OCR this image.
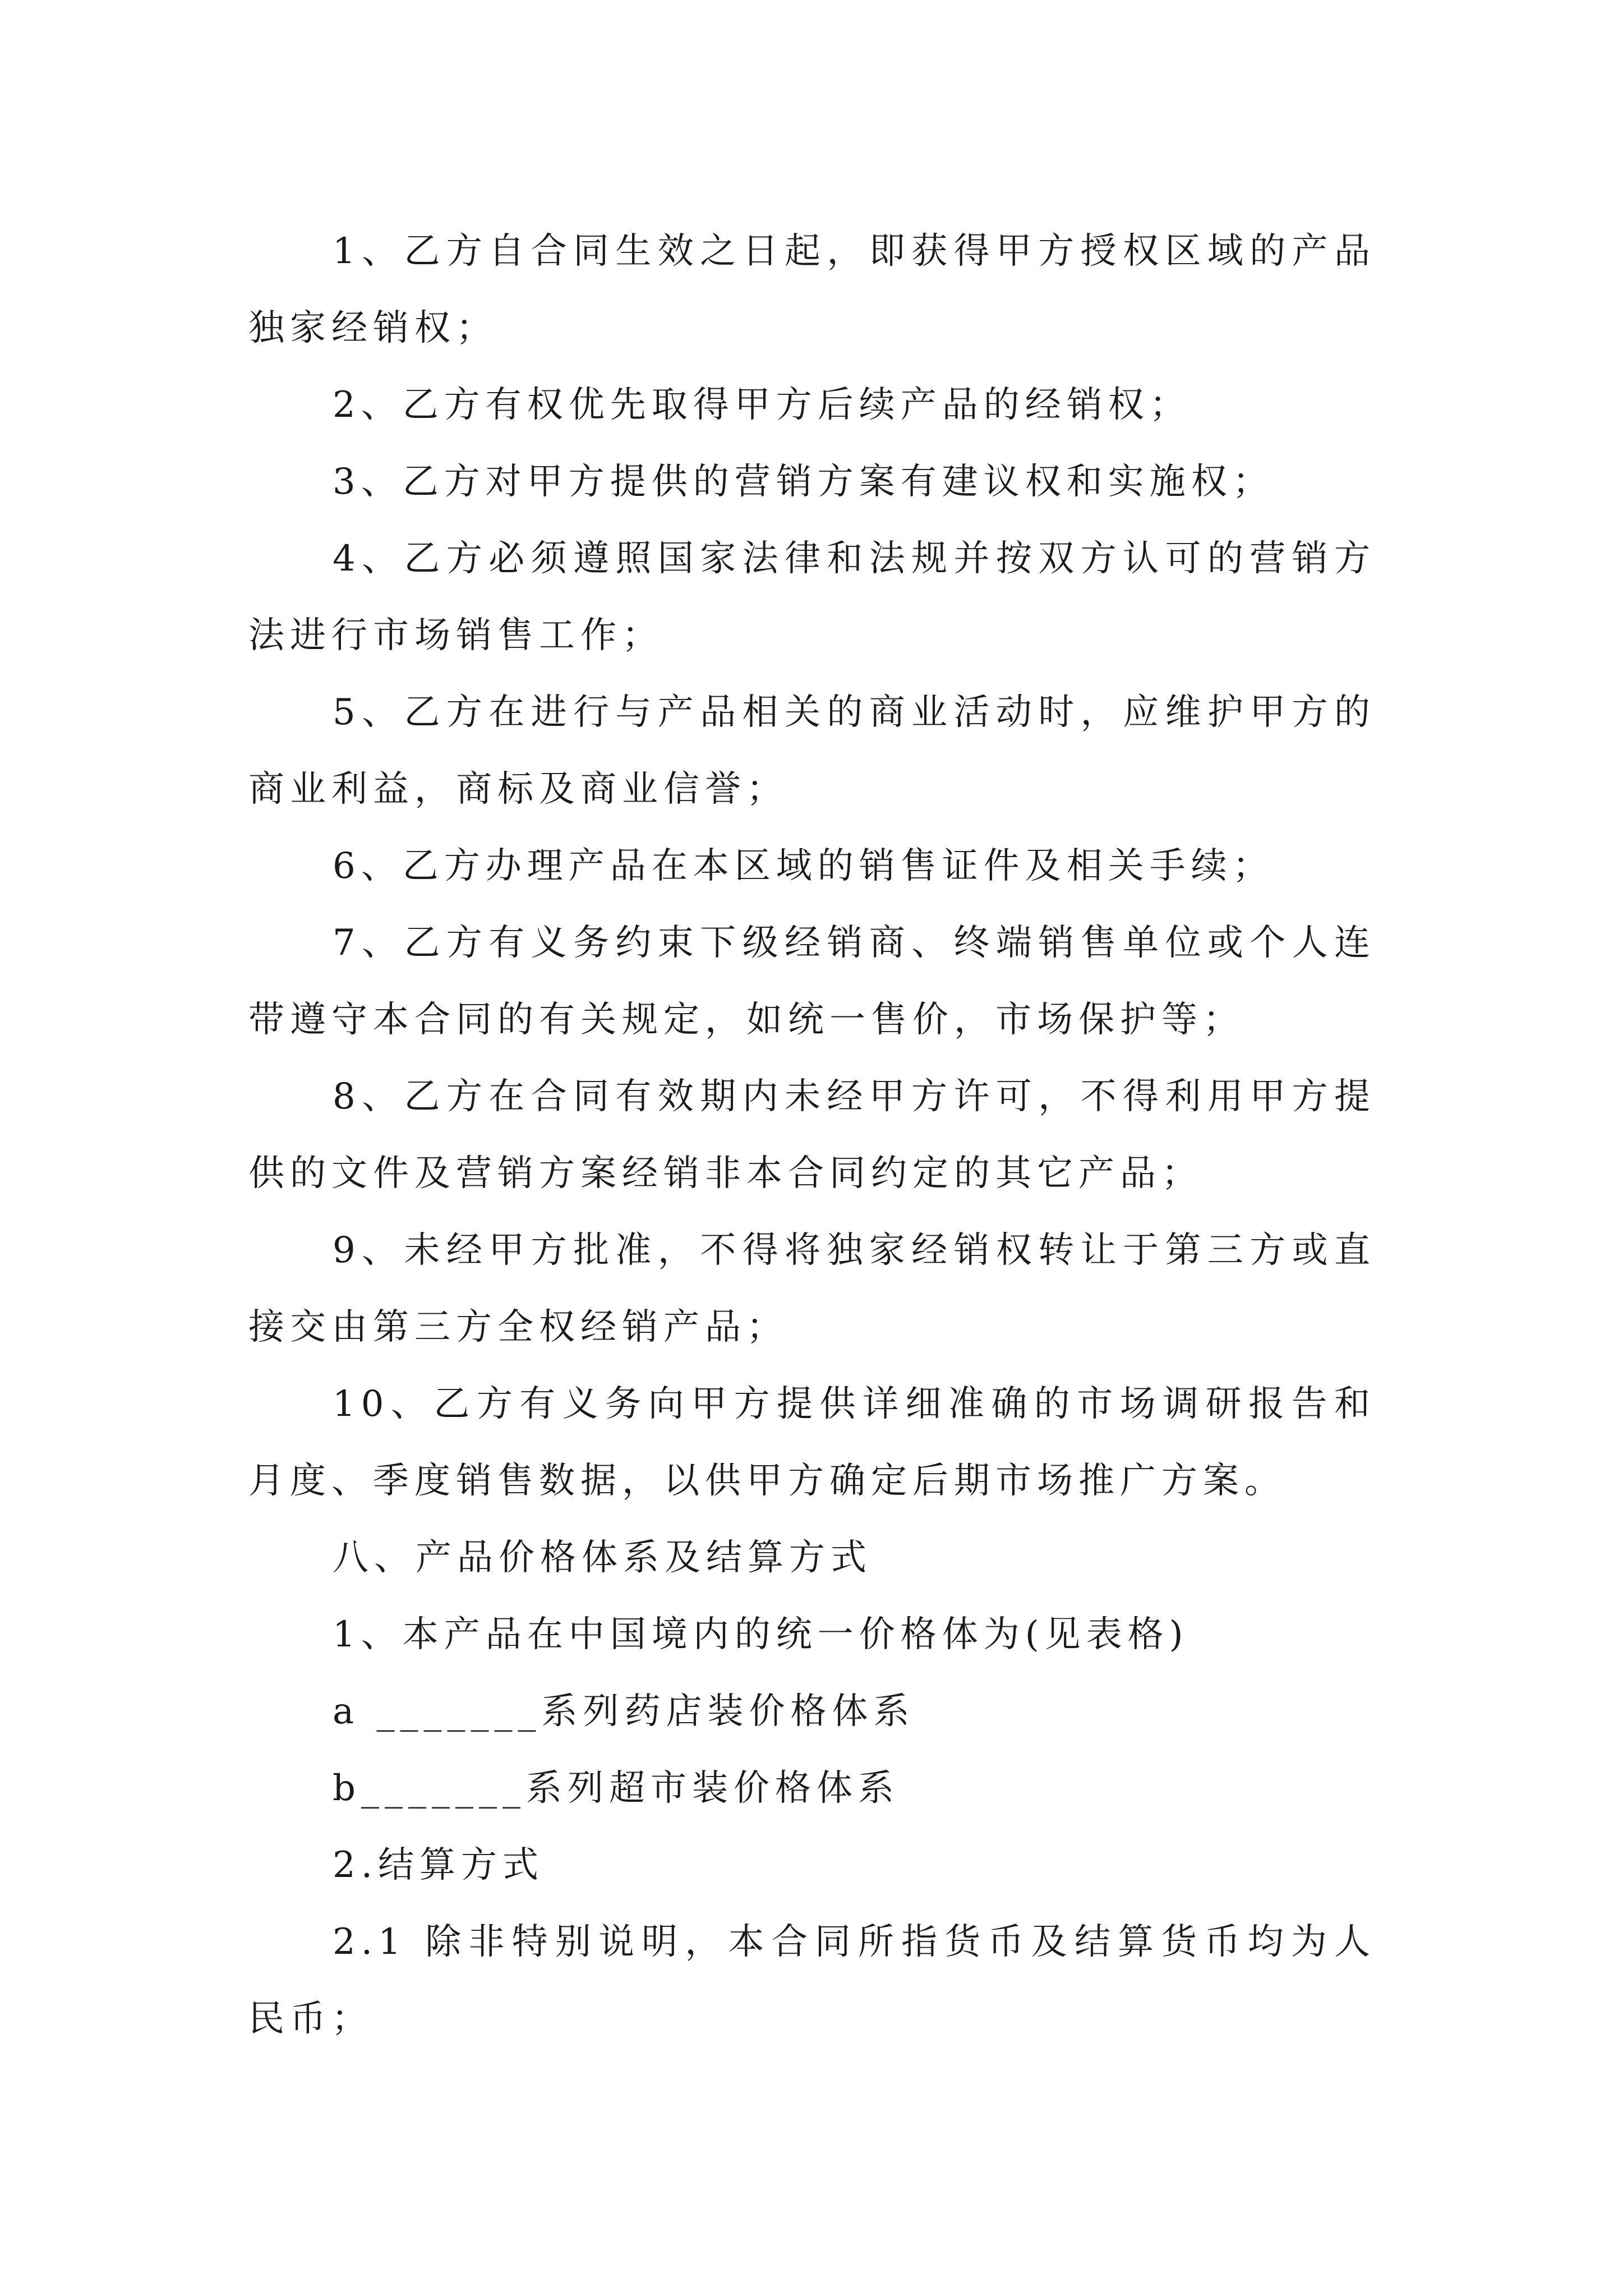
1、乙方自合同生效之日起，即获得甲方授权区域的产品独家经销权；

2、乙方有权优先取得甲方后续产品的经销权；

3、乙方对甲方提供的营销方案有建议权和实施权；

4、乙方必须遵照国家法律和法规并按双方认可的营销方法进行市场销售工作；

5、乙方在进行与产品相关的商业活动时，应维护甲方的商业利益，商标及商业信誉；

6、乙方办理产品在本区域的销售证件及相关手续；

7、乙方有义务约束下级经销商、终端销售单位或个人连带遵守本合同的有关规定，如统一售价，市场保护等；

8、乙方在合同有效期内未经甲方许可，不得利用甲方提供的文件及营销方案经销非本合同约定的其它产品；

9、未经甲方批准，不得将独家经销权转让于第三方或直接交由第三方全权经销产品；

10、乙方有义务向甲方提供详细准确的市场调研报告和月度、季度销售数据，以供甲方确定后期市场推广方案。

八、产品价格体系及结算方式

1、本产品在中国境内的统一价格体为(见表格)

a _______系列药店装价格体系

b_______系列超市装价格体系

2.结算方式

2.1 除非特别说明，本合同所指货币及结算货币均为人民币；
